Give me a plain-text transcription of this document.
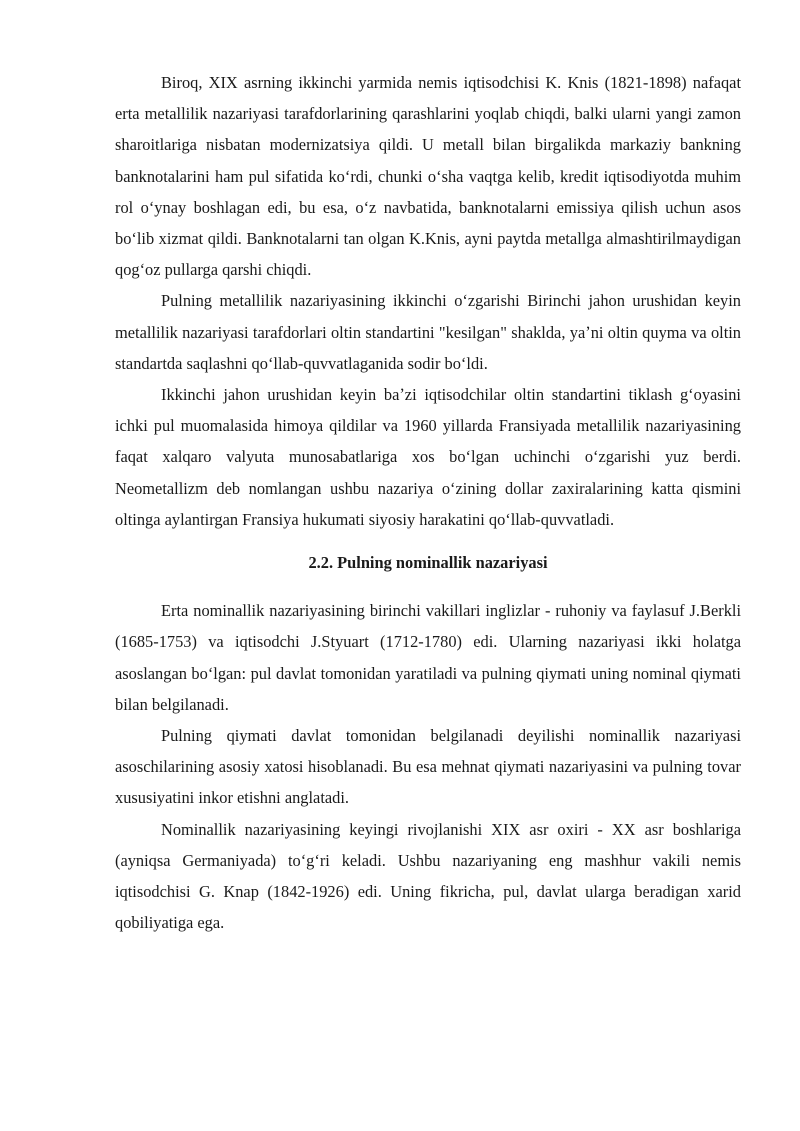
Biroq, XIX asrning ikkinchi yarmida nemis iqtisodchisi K. Knis (1821-1898) nafaqat erta metallilik nazariyasi tarafdorlarining qarashlarini yoqlab chiqdi, balki ularni yangi zamon sharoitlariga nisbatan modernizatsiya qildi. U metall bilan birgalikda markaziy bankning banknotalarini ham pul sifatida koʻrdi, chunki oʻsha vaqtga kelib, kredit iqtisodiyotda muhim rol oʻynay boshlagan edi, bu esa, oʻz navbatida, banknotalarni emissiya qilish uchun asos boʻlib xizmat qildi. Banknotalarni tan olgan K.Knis, ayni paytda metallga almashtirilmaydigan qogʻoz pullarga qarshi chiqdi.

Pulning metallilik nazariyasining ikkinchi oʻzgarishi Birinchi jahon urushidan keyin metallilik nazariyasi tarafdorlari oltin standartini "kesilgan" shaklda, yaʼni oltin quyma va oltin standartda saqlashni qoʻllab-quvvatlaganida sodir boʻldi.

Ikkinchi jahon urushidan keyin baʼzi iqtisodchilar oltin standartini tiklash gʻoyasini ichki pul muomalasida himoya qildilar va 1960 yillarda Fransiyada metallilik nazariyasining faqat xalqaro valyuta munosabatlariga xos boʻlgan uchinchi oʻzgarishi yuz berdi. Neometallizm deb nomlangan ushbu nazariya oʻzining dollar zaxiralarining katta qismini oltinga aylantirgan Fransiya hukumati siyosiy harakatini qoʻllab-quvvatladi.

2.2. Pulning nominallik nazariyasi

Erta nominallik nazariyasining birinchi vakillari inglizlar - ruhoniy va faylasuf J.Berkli (1685-1753) va iqtisodchi J.Styuart (1712-1780) edi. Ularning nazariyasi ikki holatga asoslangan boʻlgan: pul davlat tomonidan yaratiladi va pulning qiymati uning nominal qiymati bilan belgilanadi.

Pulning qiymati davlat tomonidan belgilanadi deyilishi nominallik nazariyasi asoschilarining asosiy xatosi hisoblanadi. Bu esa mehnat qiymati nazariyasini va pulning tovar xususiyatini inkor etishni anglatadi.

Nominallik nazariyasining keyingi rivojlanishi XIX asr oxiri - XX asr boshlariga (ayniqsa Germaniyada) toʻgʻri keladi. Ushbu nazariyaning eng mashhur vakili nemis iqtisodchisi G. Knap (1842-1926) edi. Uning fikricha, pul, davlat ularga beradigan xarid qobiliyatiga ega.
